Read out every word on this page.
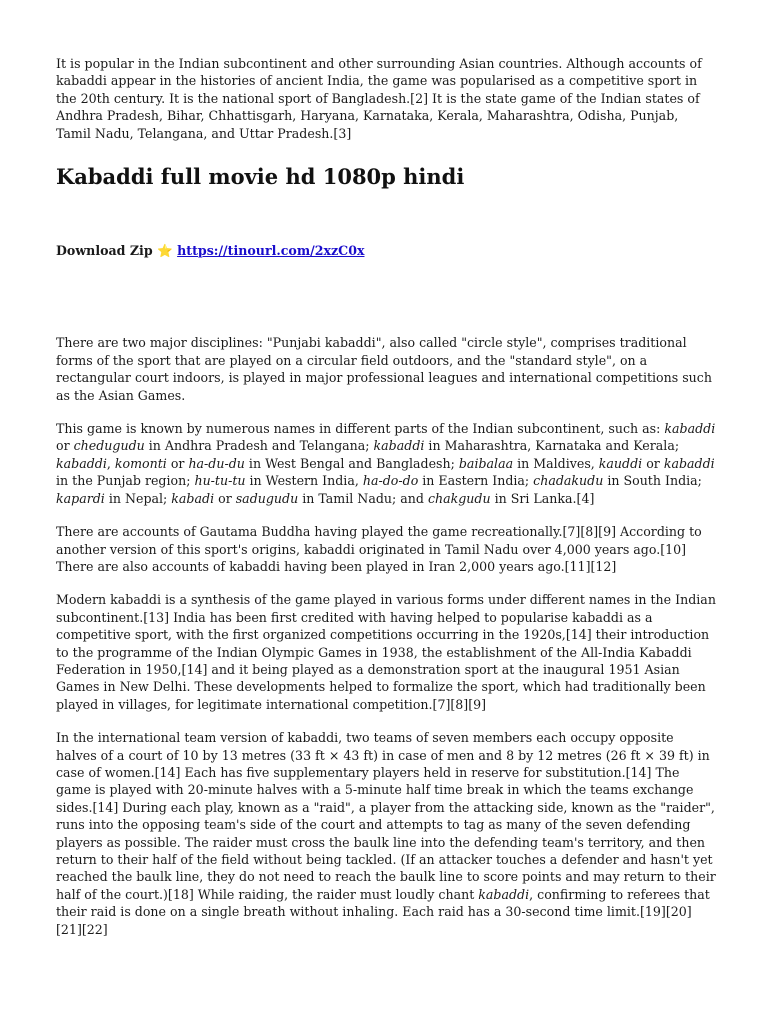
It is popular in the Indian subcontinent and other surrounding Asian countries. Although accounts of kabaddi appear in the histories of ancient India, the game was popularised as a competitive sport in the 20th century. It is the national sport of Bangladesh.[2] It is the state game of the Indian states of Andhra Pradesh, Bihar, Chhattisgarh, Haryana, Karnataka, Kerala, Maharashtra, Odisha, Punjab, Tamil Nadu, Telangana, and Uttar Pradesh.[3]

Kabaddi full movie hd 1080p hindi
Download Zip ⭐ https://tinourl.com/2xzC0x

There are two major disciplines: "Punjabi kabaddi", also called "circle style", comprises traditional forms of the sport that are played on a circular field outdoors, and the "standard style", on a rectangular court indoors, is played in major professional leagues and international competitions such as the Asian Games.

This game is known by numerous names in different parts of the Indian subcontinent, such as: kabaddi or chedugudu in Andhra Pradesh and Telangana; kabaddi in Maharashtra, Karnataka and Kerala; kabaddi, komonti or ha-du-du in West Bengal and Bangladesh; baibalaa in Maldives, kauddi or kabaddi in the Punjab region; hu-tu-tu in Western India, ha-do-do in Eastern India; chadakudu in South India; kapardi in Nepal; kabadi or sadugudu in Tamil Nadu; and chakgudu in Sri Lanka.[4]

There are accounts of Gautama Buddha having played the game recreationally.[7][8][9] According to another version of this sport's origins, kabaddi originated in Tamil Nadu over 4,000 years ago.[10] There are also accounts of kabaddi having been played in Iran 2,000 years ago.[11][12]

Modern kabaddi is a synthesis of the game played in various forms under different names in the Indian subcontinent.[13] India has been first credited with having helped to popularise kabaddi as a competitive sport, with the first organized competitions occurring in the 1920s,[14] their introduction to the programme of the Indian Olympic Games in 1938, the establishment of the All-India Kabaddi Federation in 1950,[14] and it being played as a demonstration sport at the inaugural 1951 Asian Games in New Delhi. These developments helped to formalize the sport, which had traditionally been played in villages, for legitimate international competition.[7][8][9]

In the international team version of kabaddi, two teams of seven members each occupy opposite halves of a court of 10 by 13 metres (33 ft × 43 ft) in case of men and 8 by 12 metres (26 ft × 39 ft) in case of women.[14] Each has five supplementary players held in reserve for substitution.[14] The game is played with 20-minute halves with a 5-minute half time break in which the teams exchange sides.[14] During each play, known as a "raid", a player from the attacking side, known as the "raider", runs into the opposing team's side of the court and attempts to tag as many of the seven defending players as possible. The raider must cross the baulk line into the defending team's territory, and then return to their half of the field without being tackled. (If an attacker touches a defender and hasn't yet reached the baulk line, they do not need to reach the baulk line to score points and may return to their half of the court.)[18] While raiding, the raider must loudly chant kabaddi, confirming to referees that their raid is done on a single breath without inhaling. Each raid has a 30-second time limit.[19][20][21][22]
